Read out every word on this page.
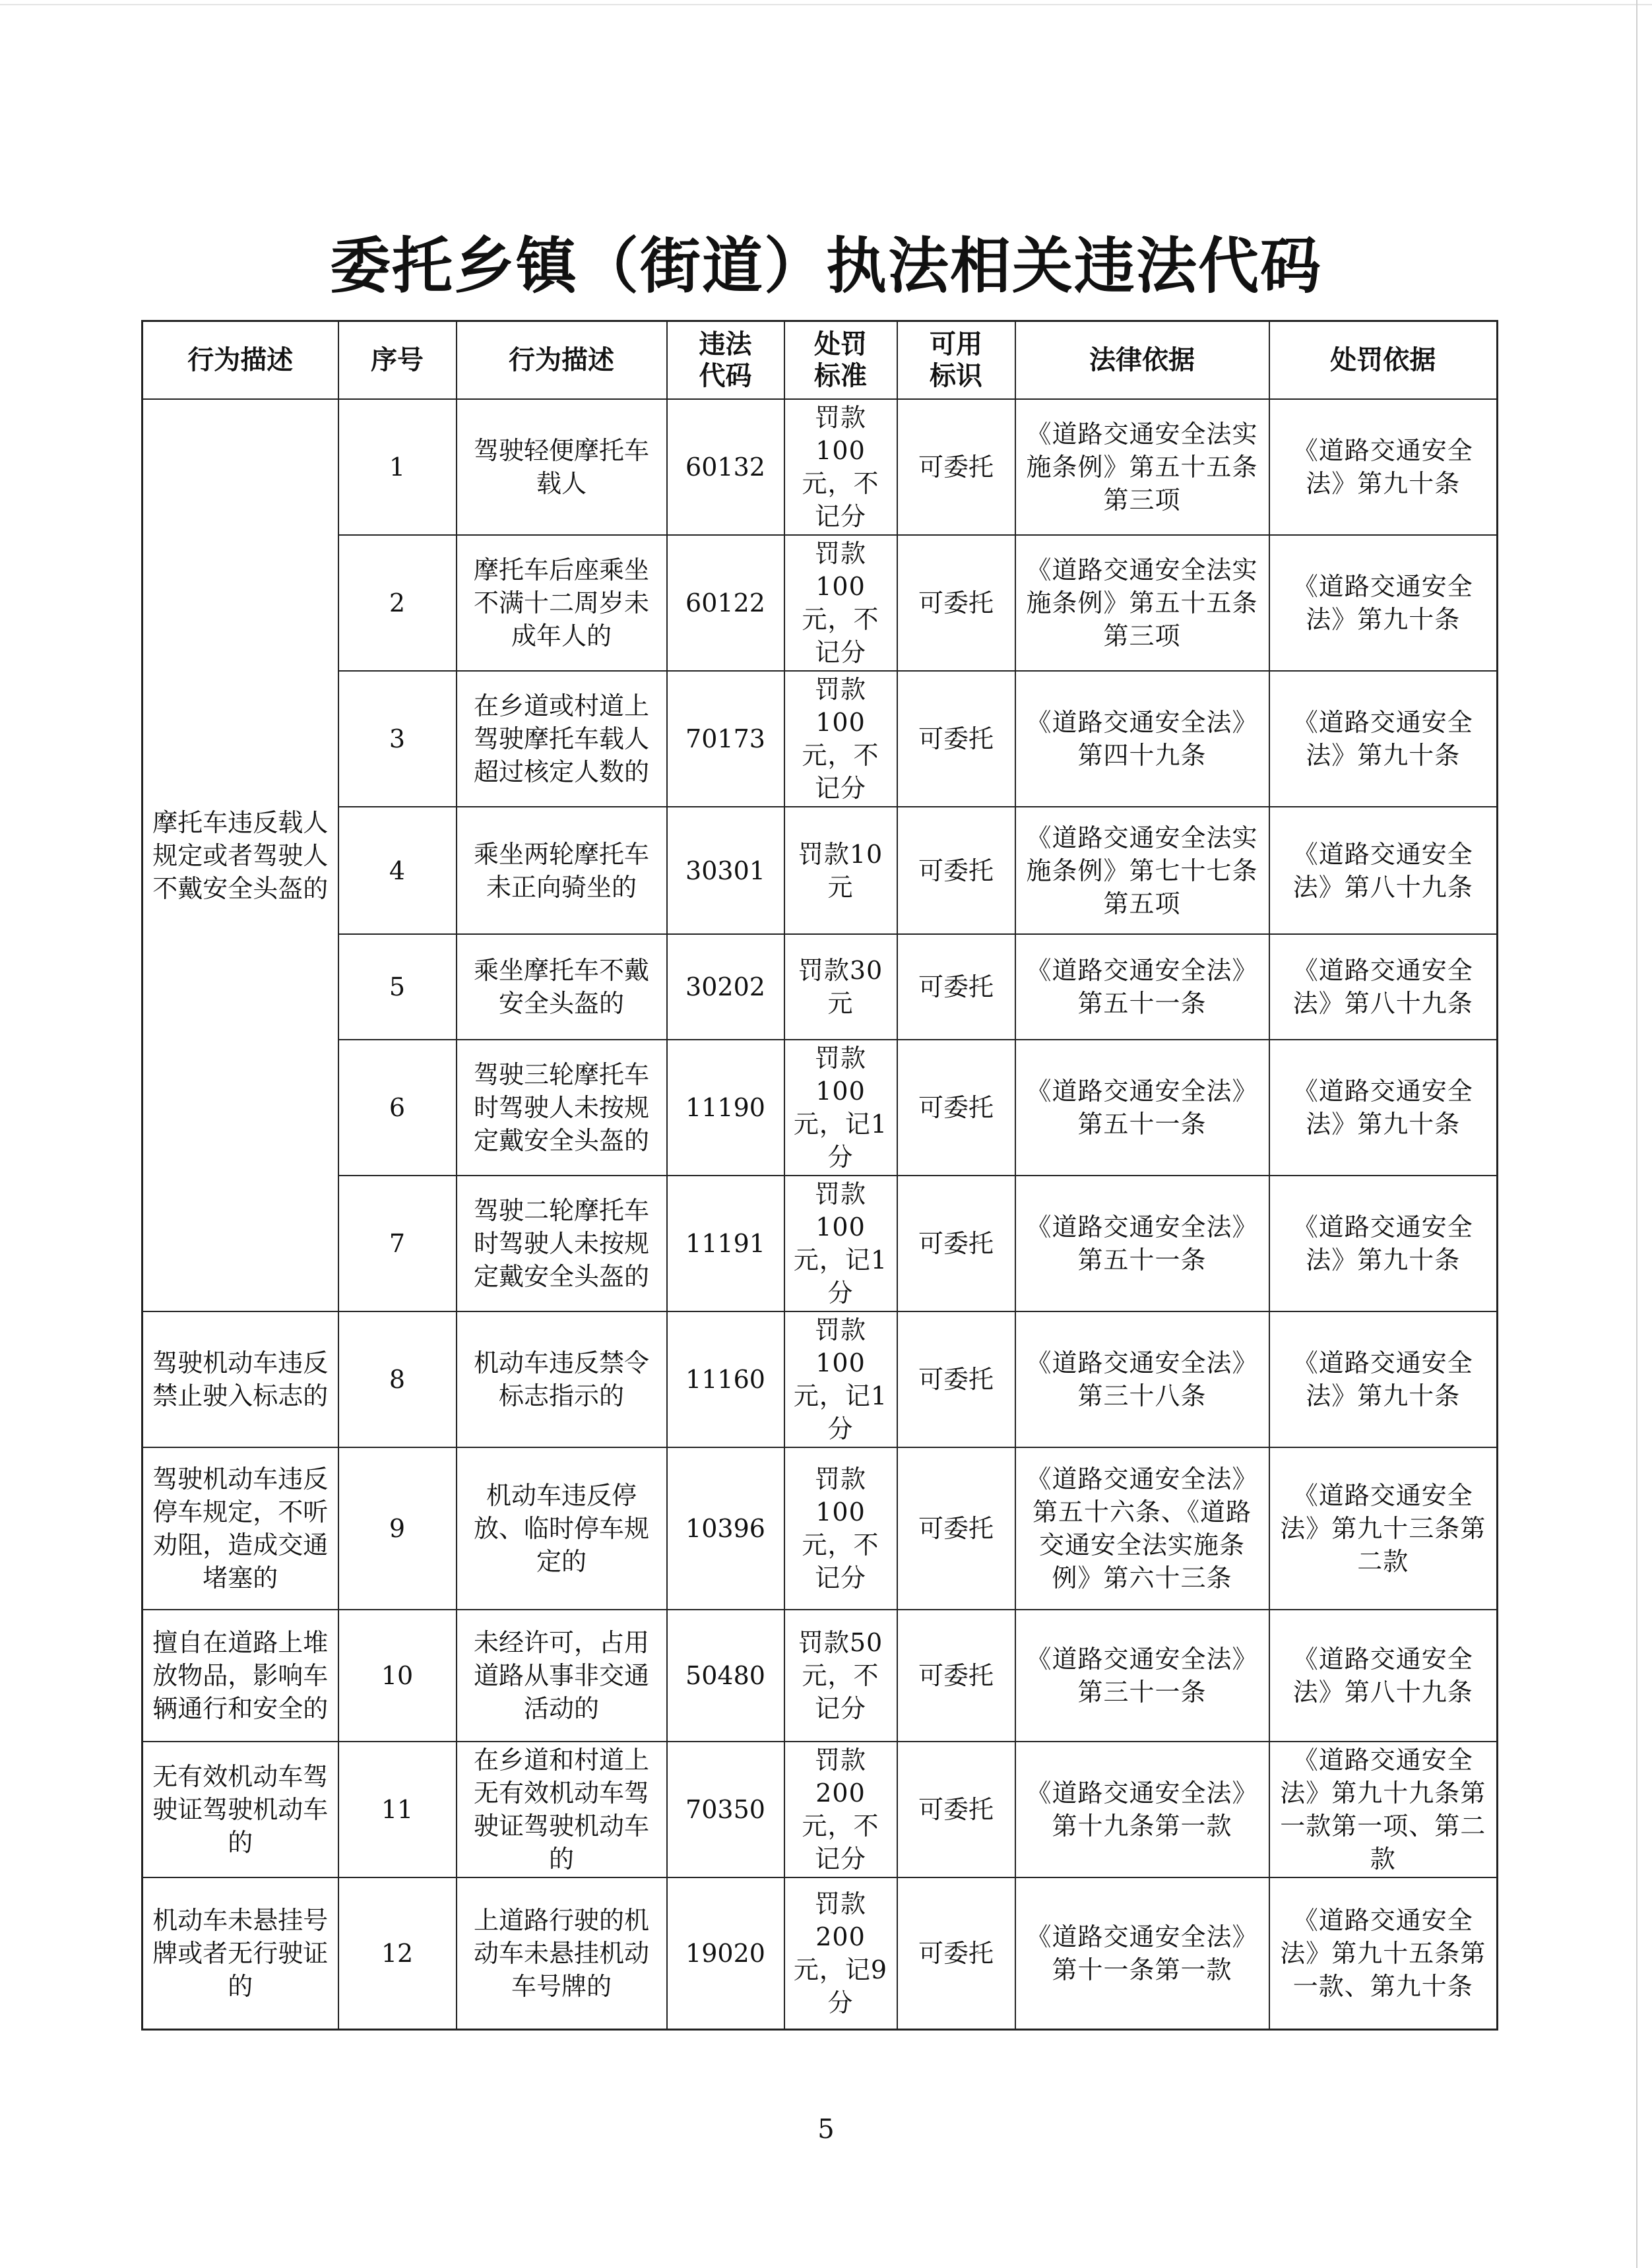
委托乡镇（街道）执法相关违法代码
行为描述	序号	行为描述	违法代码	处罚标准	可用标识	法律依据	处罚依据
摩托车违反载人规定或者驾驶人不戴安全头盔的	1	驾驶轻便摩托车载人	60132	罚款100元，不记分	可委托	《道路交通安全法实施条例》第五十五条第三项	《道路交通安全法》第九十条
	2	摩托车后座乘坐不满十二周岁未成年人的	60122	罚款100元，不记分	可委托	《道路交通安全法实施条例》第五十五条第三项	《道路交通安全法》第九十条
	3	在乡道或村道上驾驶摩托车载人超过核定人数的	70173	罚款100元，不记分	可委托	《道路交通安全法》第四十九条	《道路交通安全法》第九十条
	4	乘坐两轮摩托车未正向骑坐的	30301	罚款10元	可委托	《道路交通安全法实施条例》第七十七条第五项	《道路交通安全法》第八十九条
	5	乘坐摩托车不戴安全头盔的	30202	罚款30元	可委托	《道路交通安全法》第五十一条	《道路交通安全法》第八十九条
	6	驾驶三轮摩托车时驾驶人未按规定戴安全头盔的	11190	罚款100元，记1分	可委托	《道路交通安全法》第五十一条	《道路交通安全法》第九十条
	7	驾驶二轮摩托车时驾驶人未按规定戴安全头盔的	11191	罚款100元，记1分	可委托	《道路交通安全法》第五十一条	《道路交通安全法》第九十条
驾驶机动车违反禁止驶入标志的	8	机动车违反禁令标志指示的	11160	罚款100元，记1分	可委托	《道路交通安全法》第三十八条	《道路交通安全法》第九十条
驾驶机动车违反停车规定，不听劝阻，造成交通堵塞的	9	机动车违反停放、临时停车规定的	10396	罚款100元，不记分	可委托	《道路交通安全法》第五十六条、《道路交通安全法实施条例》第六十三条	《道路交通安全法》第九十三条第二款
擅自在道路上堆放物品，影响车辆通行和安全的	10	未经许可，占用道路从事非交通活动的	50480	罚款50元，不记分	可委托	《道路交通安全法》第三十一条	《道路交通安全法》第八十九条
无有效机动车驾驶证驾驶机动车的	11	在乡道和村道上无有效机动车驾驶证驾驶机动车的	70350	罚款200元，不记分	可委托	《道路交通安全法》第十九条第一款	《道路交通安全法》第九十九条第一款第一项、第二款
机动车未悬挂号牌或者无行驶证的	12	上道路行驶的机动车未悬挂机动车号牌的	19020	罚款200元，记9分	可委托	《道路交通安全法》第十一条第一款	《道路交通安全法》第九十五条第一款、第九十条
5
